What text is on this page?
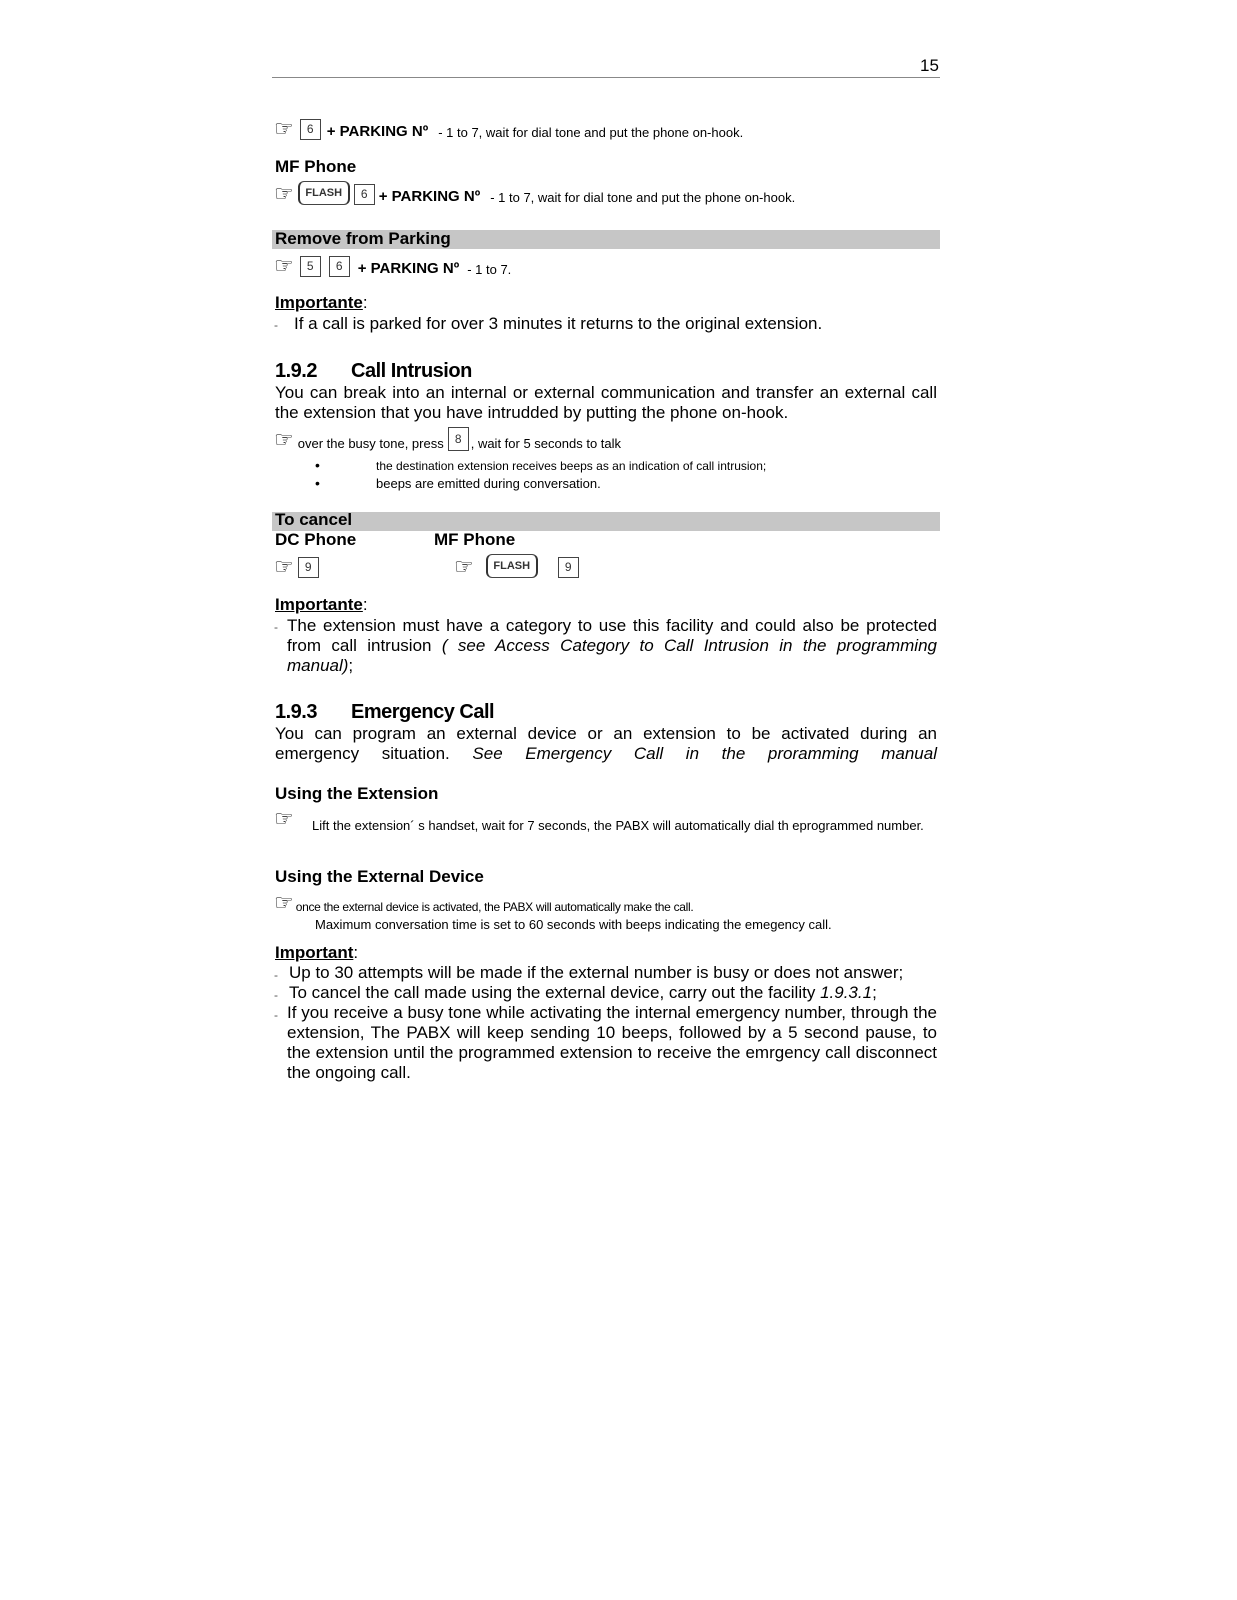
15
☞	6 + PARKING Nº - 1 to 7, wait for dial tone and put the phone on-hook.
MF Phone
☞	FLASH	6 + PARKING Nº - 1 to 7, wait for dial tone and put the phone on-hook.
Remove from Parking
☞	5	6	+ PARKING Nº - 1 to 7.
Importante:
- If a call is parked for over 3 minutes it returns to the original extension.
1.9.2 Call Intrusion
You can break into an internal or external communication and transfer an external call the extension that you have intrudded by putting the phone on-hook.
☞ over the busy tone, press 8 , wait for 5 seconds to talk
•	the destination extension receives beeps as an indication of call intrusion;
•	beeps are emitted during conversation.
To cancel
DC Phone	MF Phone
☞ 9	☞	FLASH	9
Importante:
- The extension must have a category to use this facility and could also be protected from call intrusion ( see Access Category to Call Intrusion in the programming manual);
1.9.3 Emergency Call
You can program an external device or an extension to be activated during an emergency situation. See Emergency Call in the proramming manual
Using the Extension
☞ Lift the extension´ s handset, wait for 7 seconds, the PABX will automatically dial th eprogrammed number.
Using the External Device
☞ once the external device is activated, the PABX will automatically make the call.
Maximum conversation time is set to 60 seconds with beeps indicating the emegency call.
Important:
- Up to 30 attempts will be made if the external number is busy or does not answer;
- To cancel the call made using the external device, carry out the facility 1.9.3.1;
- If you receive a busy tone while activating the internal emergency number, through the extension, The PABX will keep sending 10 beeps, followed by a 5 second pause, to the extension until the programmed extension to receive the emrgency call disconnect the ongoing call.
